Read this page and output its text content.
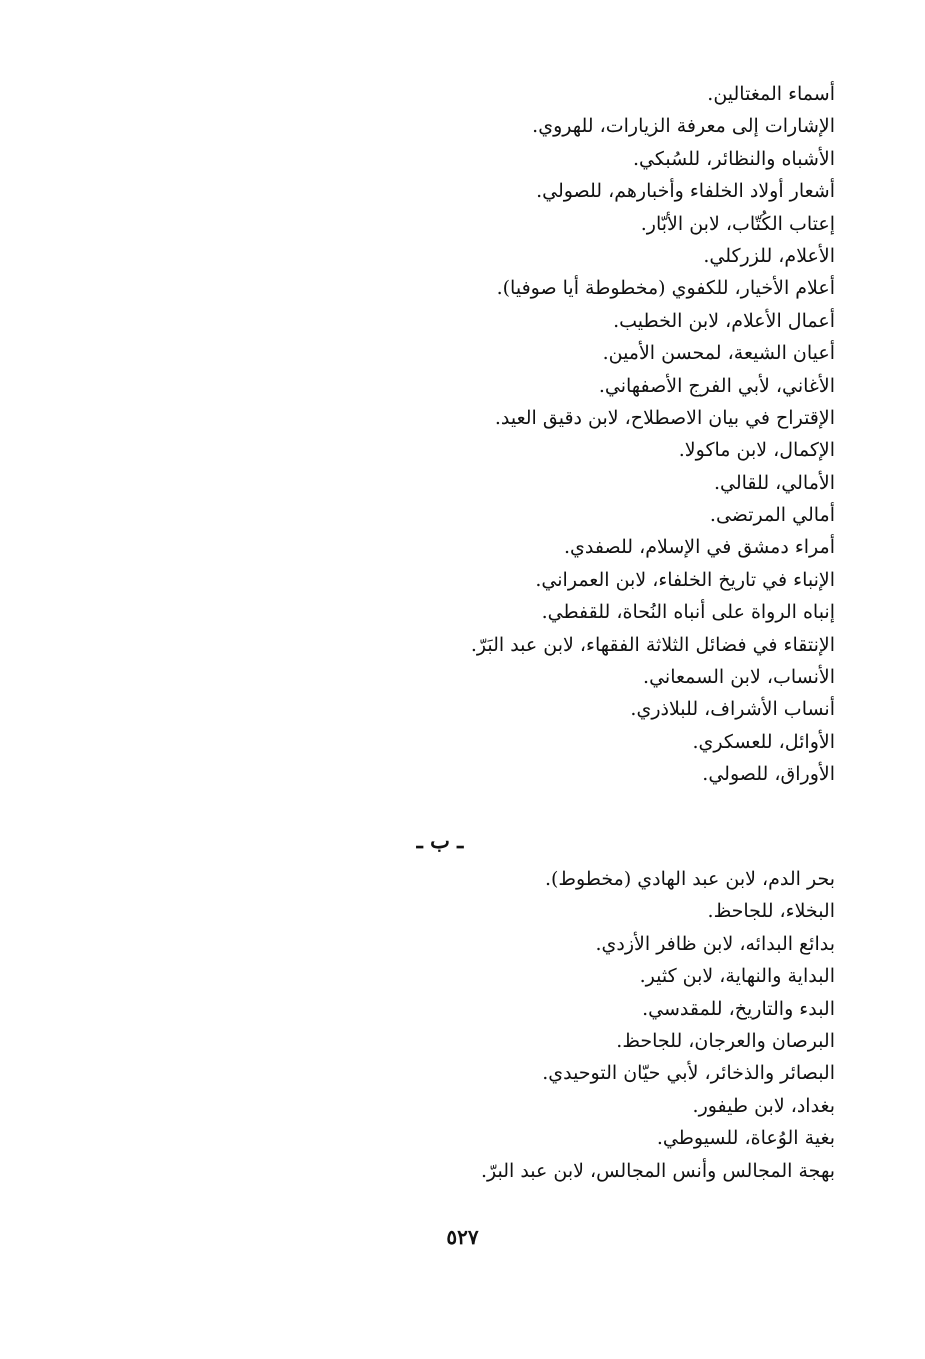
أسماء المغتالين.
الإشارات إلى معرفة الزيارات، للهروي.
الأشباه والنظائر، للسُبكي.
أشعار أولاد الخلفاء وأخبارهم، للصولي.
إعتاب الكُتّاب، لابن الأبّار.
الأعلام، للزركلي.
أعلام الأخيار، للكفوي (مخطوطة أيا صوفيا).
أعمال الأعلام، لابن الخطيب.
أعيان الشيعة، لمحسن الأمين.
الأغاني، لأبي الفرج الأصفهاني.
الإقتراح في بيان الاصطلاح، لابن دقيق العيد.
الإكمال، لابن ماكولا.
الأمالي، للقالي.
أمالي المرتضى.
أمراء دمشق في الإسلام، للصفدي.
الإنباء في تاريخ الخلفاء، لابن العمراني.
إنباه الرواة على أنباه النُحاة، للقفطي.
الإنتقاء في فضائل الثلاثة الفقهاء، لابن عبد البَرّ.
الأنساب، لابن السمعاني.
أنساب الأشراف، للبلاذري.
الأوائل، للعسكري.
الأوراق، للصولي.
ـ ب ـ
بحر الدم، لابن عبد الهادي (مخطوط).
البخلاء، للجاحظ.
بدائع البدائه، لابن ظافر الأزدي.
البداية والنهاية، لابن كثير.
البدء والتاريخ، للمقدسي.
البرصان والعرجان، للجاحظ.
البصائر والذخائر، لأبي حيّان التوحيدي.
بغداد، لابن طيفور.
بغية الوُعاة، للسيوطي.
بهجة المجالس وأنس المجالس، لابن عبد البرّ.
٥٢٧
